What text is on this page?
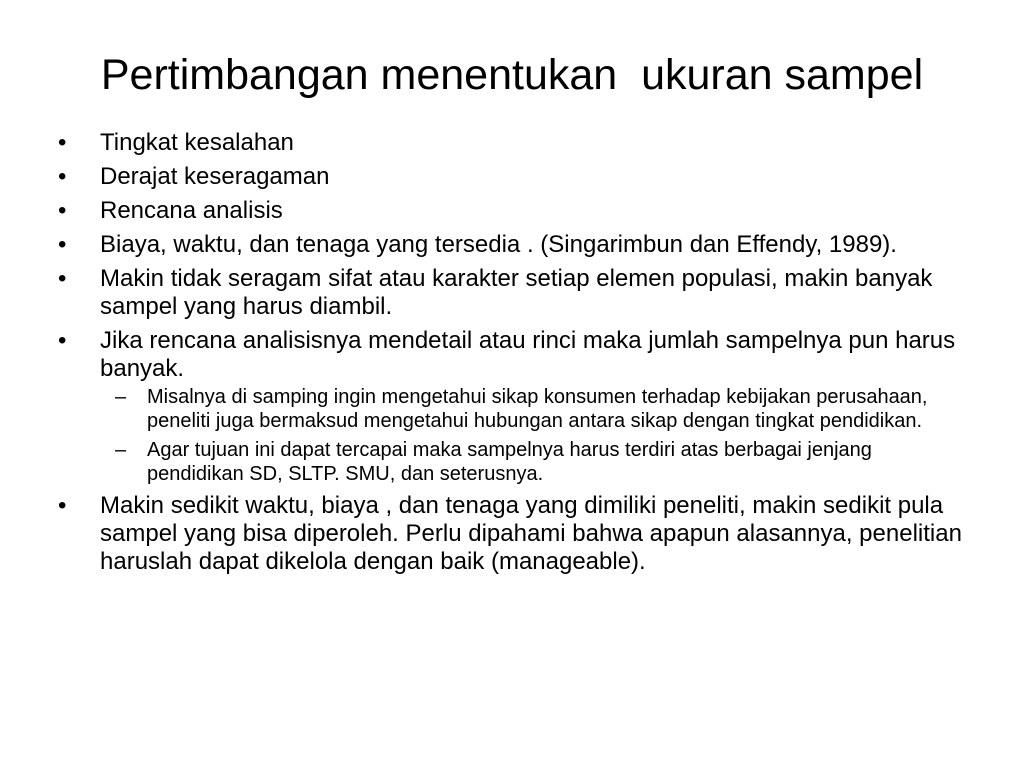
Pertimbangan menentukan  ukuran sampel
•	Tingkat kesalahan
•	Derajat keseragaman
•	Rencana analisis
•	Biaya, waktu, dan tenaga yang tersedia . (Singarimbun dan Effendy, 1989).
•	Makin tidak seragam sifat atau karakter setiap elemen populasi, makin banyak sampel yang harus diambil.
•	Jika rencana analisisnya mendetail atau rinci maka jumlah sampelnya pun harus banyak.
– Misalnya di samping ingin mengetahui sikap konsumen terhadap kebijakan perusahaan, peneliti juga bermaksud mengetahui hubungan antara sikap dengan tingkat pendidikan.
– Agar tujuan ini dapat tercapai maka sampelnya harus terdiri atas berbagai jenjang pendidikan SD, SLTP. SMU, dan seterusnya.
•	Makin sedikit waktu, biaya , dan tenaga yang dimiliki peneliti, makin sedikit pula sampel yang bisa diperoleh. Perlu dipahami bahwa apapun alasannya, penelitian haruslah dapat dikelola dengan baik (manageable).
